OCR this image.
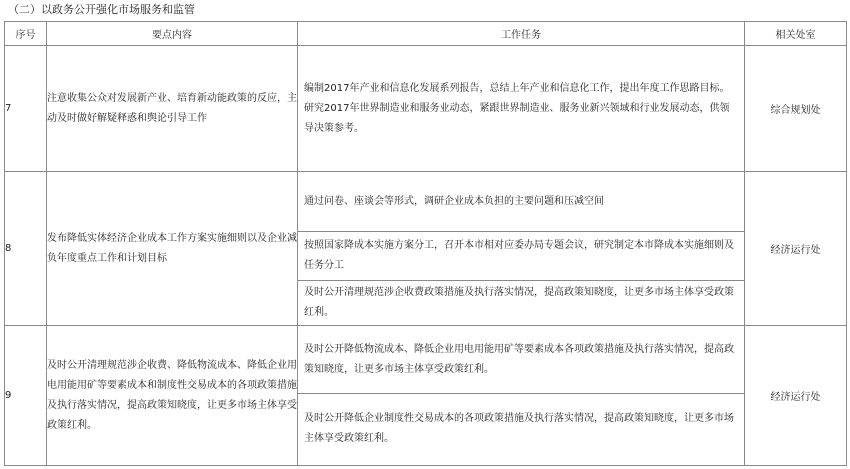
（二）以政务公开强化市场服务和监管
序号	要点内容	工作任务	相关处室
7	注意收集公众对发展新产业、培育新动能政策的反应，主动及时做好解疑释惑和舆论引导工作	编制2017年产业和信息化发展系列报告，总结上年产业和信息化工作，提出年度工作思路目标。研究2017年世界制造业和服务业动态，紧跟世界制造业、服务业新兴领域和行业发展动态，供领导决策参考。	综合规划处
8	发布降低实体经济企业成本工作方案实施细则以及企业减负年度重点工作和计划目标	通过问卷、座谈会等形式，调研企业成本负担的主要问题和压减空间
按照国家降成本实施方案分工，召开本市相对应委办局专题会议，研究制定本市降成本实施细则及任务分工
及时公开清理规范涉企收费政策措施及执行落实情况，提高政策知晓度，让更多市场主体享受政策红利。	经济运行处
9	及时公开清理规范涉企收费、降低物流成本、降低企业用电用能用矿等要素成本和制度性交易成本的各项政策措施及执行落实情况，提高政策知晓度，让更多市场主体享受政策红利。	及时公开降低物流成本、降低企业用电用能用矿等要素成本各项政策措施及执行落实情况，提高政策知晓度，让更多市场主体享受政策红利。
及时公开降低企业制度性交易成本的各项政策措施及执行落实情况，提高政策知晓度，让更多市场主体享受政策红利。	经济运行处
